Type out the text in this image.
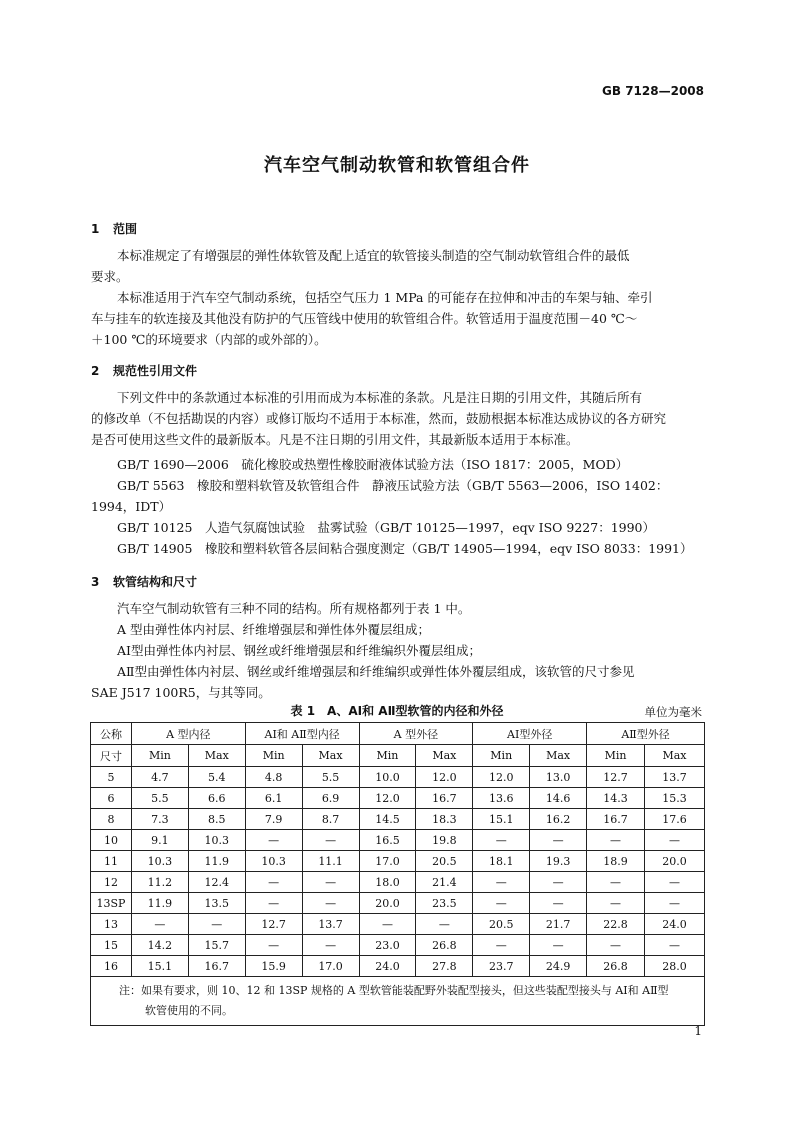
GB 7128—2008
汽车空气制动软管和软管组合件
1 范围
本标准规定了有增强层的弹性体软管及配上适宜的软管接头制造的空气制动软管组合件的最低
要求。
本标准适用于汽车空气制动系统，包括空气压力 1 MPa 的可能存在拉伸和冲击的车架与轴、牵引
车与挂车的软连接及其他没有防护的气压管线中使用的软管组合件。软管适用于温度范围－40 ℃～
＋100 ℃的环境要求（内部的或外部的）。
2 规范性引用文件
下列文件中的条款通过本标准的引用而成为本标准的条款。凡是注日期的引用文件，其随后所有
的修改单（不包括勘误的内容）或修订版均不适用于本标准，然而，鼓励根据本标准达成协议的各方研究
是否可使用这些文件的最新版本。凡是不注日期的引用文件，其最新版本适用于本标准。
GB/T 1690—2006　硫化橡胶或热塑性橡胶耐液体试验方法（ISO 1817：2005，MOD）
GB/T 5563　橡胶和塑料软管及软管组合件　静液压试验方法（GB/T 5563—2006，ISO 1402：
1994，IDT）
GB/T 10125　人造气氛腐蚀试验　盐雾试验（GB/T 10125—1997，eqv ISO 9227：1990）
GB/T 14905　橡胶和塑料软管各层间粘合强度测定（GB/T 14905—1994，eqv ISO 8033：1991）
3 软管结构和尺寸
汽车空气制动软管有三种不同的结构。所有规格都列于表 1 中。
A 型由弹性体内衬层、纤维增强层和弹性体外覆层组成；
AⅠ型由弹性体内衬层、钢丝或纤维增强层和纤维编织外覆层组成；
AⅡ型由弹性体内衬层、钢丝或纤维增强层和纤维编织或弹性体外覆层组成，该软管的尺寸参见
SAE J517 100R5，与其等同。
表 1　A、AⅠ和 AⅡ型软管的内径和外径	单位为毫米
公称	A 型内径		AⅠ和 AⅡ型内径		A 型外径		AⅠ型外径		AⅡ型外径	
尺寸	Min	Max	Min	Max	Min	Max	Min	Max	Min	Max
5	4.7	5.4	4.8	5.5	10.0	12.0	12.0	13.0	12.7	13.7
6	5.5	6.6	6.1	6.9	12.0	16.7	13.6	14.6	14.3	15.3
8	7.3	8.5	7.9	8.7	14.5	18.3	15.1	16.2	16.7	17.6
10	9.1	10.3	—	—	16.5	19.8	—	—	—	—
11	10.3	11.9	10.3	11.1	17.0	20.5	18.1	19.3	18.9	20.0
12	11.2	12.4	—	—	18.0	21.4	—	—	—	—
13SP	11.9	13.5	—	—	20.0	23.5	—	—	—	—
13	—	—	12.7	13.7	—	—	20.5	21.7	22.8	24.0
15	14.2	15.7	—	—	23.0	26.8	—	—	—	—
16	15.1	16.7	15.9	17.0	24.0	27.8	23.7	24.9	26.8	28.0

注：如果有要求，则 10、12 和 13SP 规格的 A 型软管能装配野外装配型接头，但这些装配型接头与 AⅠ和 AⅡ型
软管使用的不同。										
1
